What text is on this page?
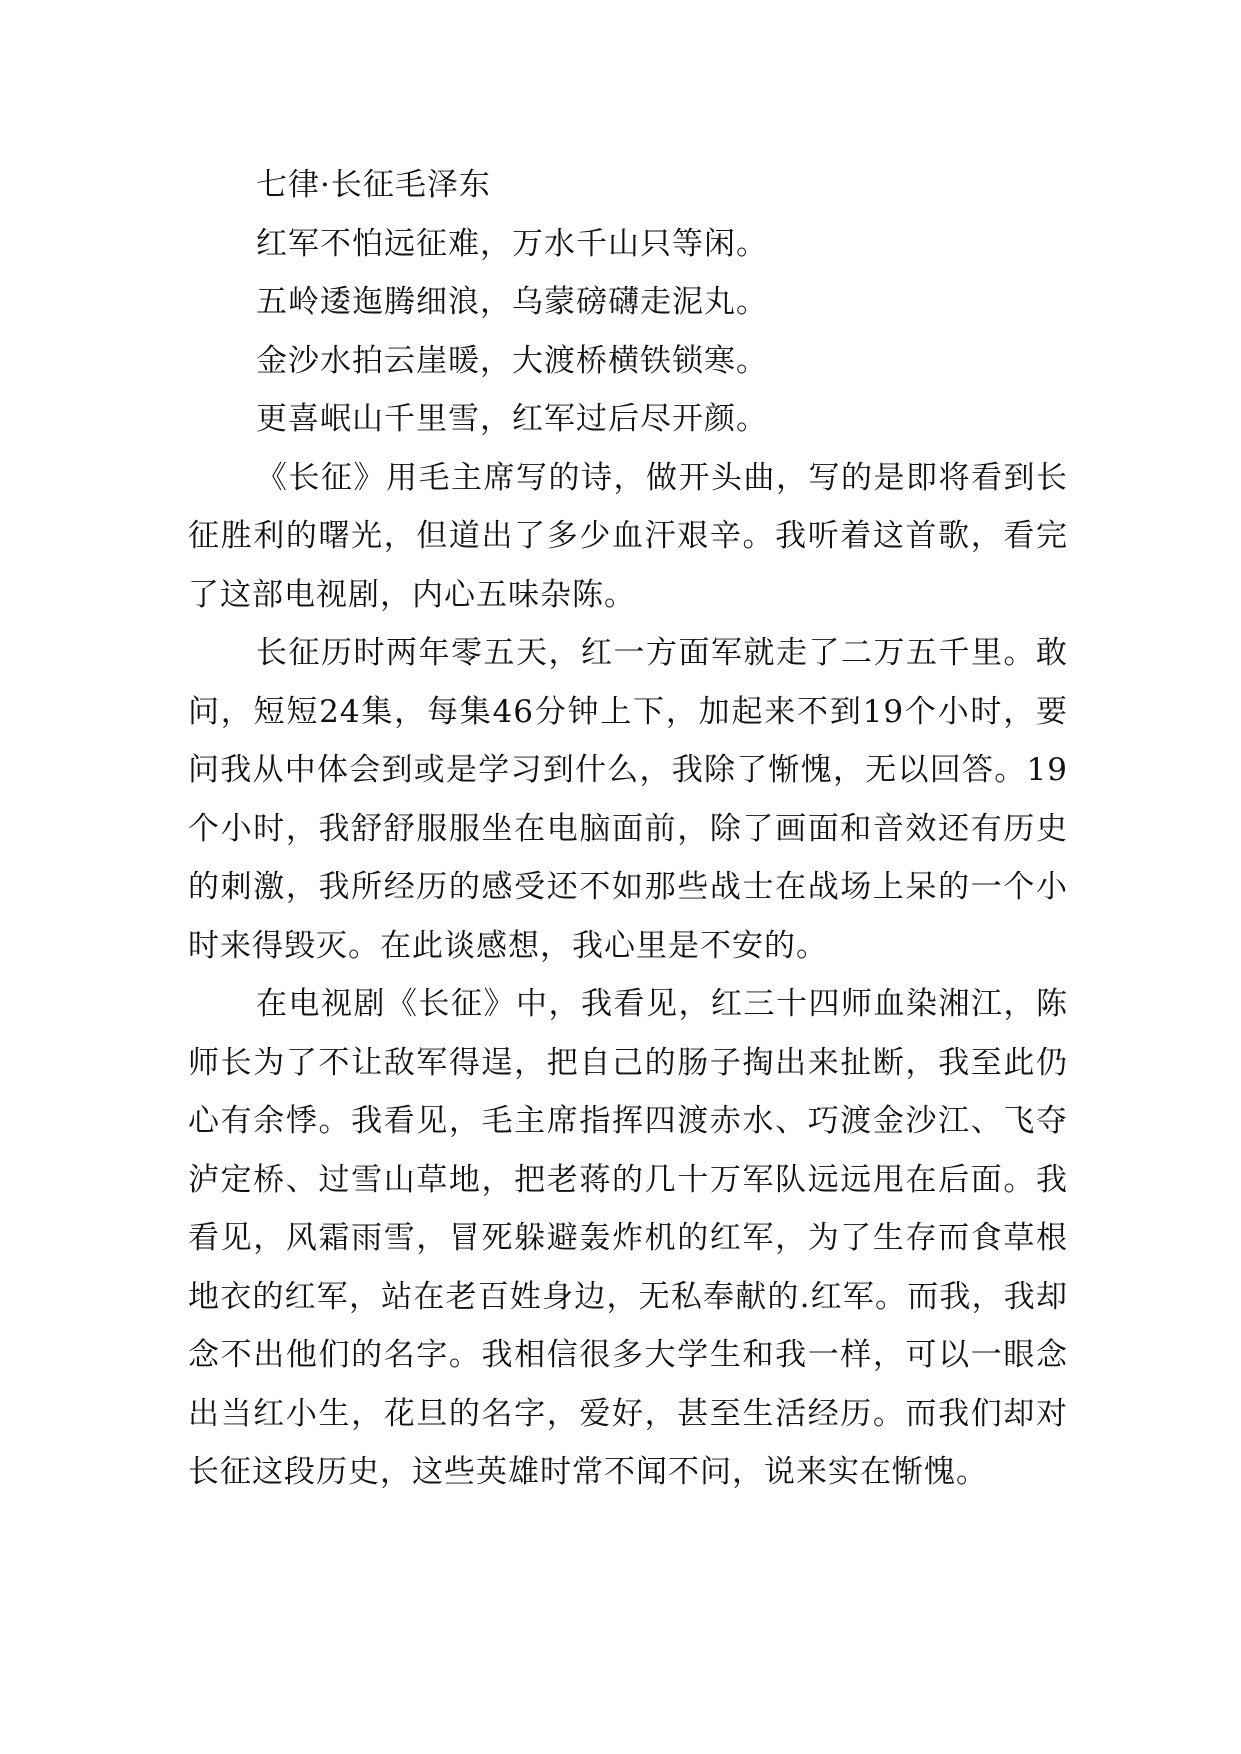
七律·长征毛泽东

红军不怕远征难，万水千山只等闲。

五岭逶迤腾细浪，乌蒙磅礴走泥丸。

金沙水拍云崖暖，大渡桥横铁锁寒。

更喜岷山千里雪，红军过后尽开颜。

《长征》用毛主席写的诗，做开头曲，写的是即将看到长征胜利的曙光，但道出了多少血汗艰辛。我听着这首歌，看完了这部电视剧，内心五味杂陈。

长征历时两年零五天，红一方面军就走了二万五千里。敢问，短短24集，每集46分钟上下，加起来不到19个小时，要问我从中体会到或是学习到什么，我除了惭愧，无以回答。19个小时，我舒舒服服坐在电脑面前，除了画面和音效还有历史的刺激，我所经历的感受还不如那些战士在战场上呆的一个小时来得毁灭。在此谈感想，我心里是不安的。

在电视剧《长征》中，我看见，红三十四师血染湘江，陈师长为了不让敌军得逞，把自己的肠子掏出来扯断，我至此仍心有余悸。我看见，毛主席指挥四渡赤水、巧渡金沙江、飞夺泸定桥、过雪山草地，把老蒋的几十万军队远远甩在后面。我看见，风霜雨雪，冒死躲避轰炸机的红军，为了生存而食草根地衣的红军，站在老百姓身边，无私奉献的.红军。而我，我却念不出他们的名字。我相信很多大学生和我一样，可以一眼念出当红小生，花旦的名字，爱好，甚至生活经历。而我们却对长征这段历史，这些英雄时常不闻不问，说来实在惭愧。
